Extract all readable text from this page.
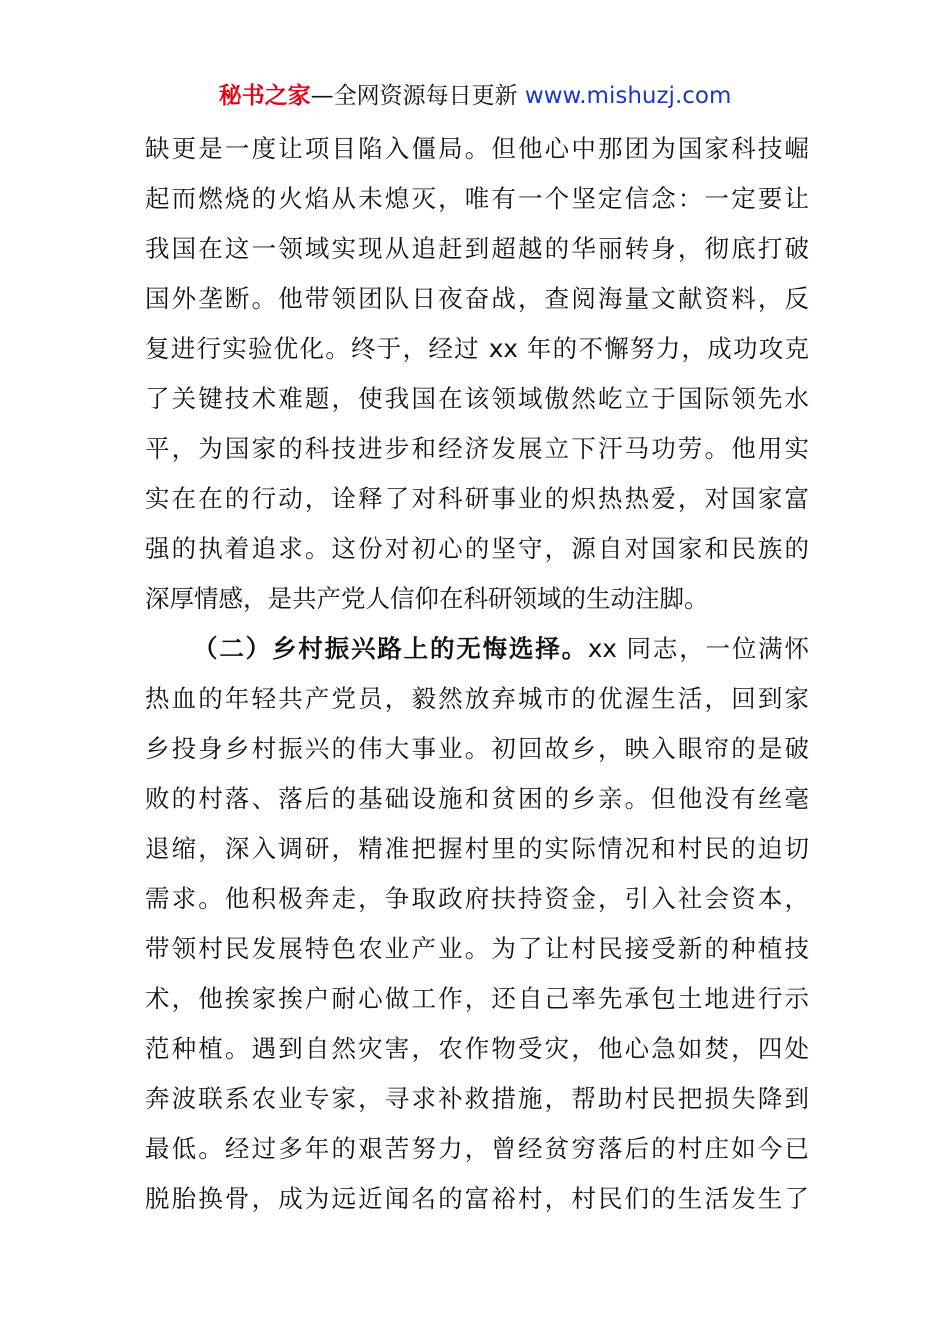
秘书之家—全网资源每日更新 www.mishuzj.com
缺更是一度让项目陷入僵局。但他心中那团为国家科技崛
起而燃烧的火焰从未熄灭，唯有一个坚定信念：一定要让
我国在这一领域实现从追赶到超越的华丽转身，彻底打破
国外垄断。他带领团队日夜奋战，查阅海量文献资料，反
复进行实验优化。终于，经过 xx 年的不懈努力，成功攻克
了关键技术难题，使我国在该领域傲然屹立于国际领先水
平，为国家的科技进步和经济发展立下汗马功劳。他用实
实在在的行动，诠释了对科研事业的炽热热爱，对国家富
强的执着追求。这份对初心的坚守，源自对国家和民族的
深厚情感，是共产党人信仰在科研领域的生动注脚。
（二）乡村振兴路上的无悔选择。xx 同志，一位满怀
热血的年轻共产党员，毅然放弃城市的优渥生活，回到家
乡投身乡村振兴的伟大事业。初回故乡，映入眼帘的是破
败的村落、落后的基础设施和贫困的乡亲。但他没有丝毫
退缩，深入调研，精准把握村里的实际情况和村民的迫切
需求。他积极奔走，争取政府扶持资金，引入社会资本，
带领村民发展特色农业产业。为了让村民接受新的种植技
术，他挨家挨户耐心做工作，还自己率先承包土地进行示
范种植。遇到自然灾害，农作物受灾，他心急如焚，四处
奔波联系农业专家，寻求补救措施，帮助村民把损失降到
最低。经过多年的艰苦努力，曾经贫穷落后的村庄如今已
脱胎换骨，成为远近闻名的富裕村，村民们的生活发生了
